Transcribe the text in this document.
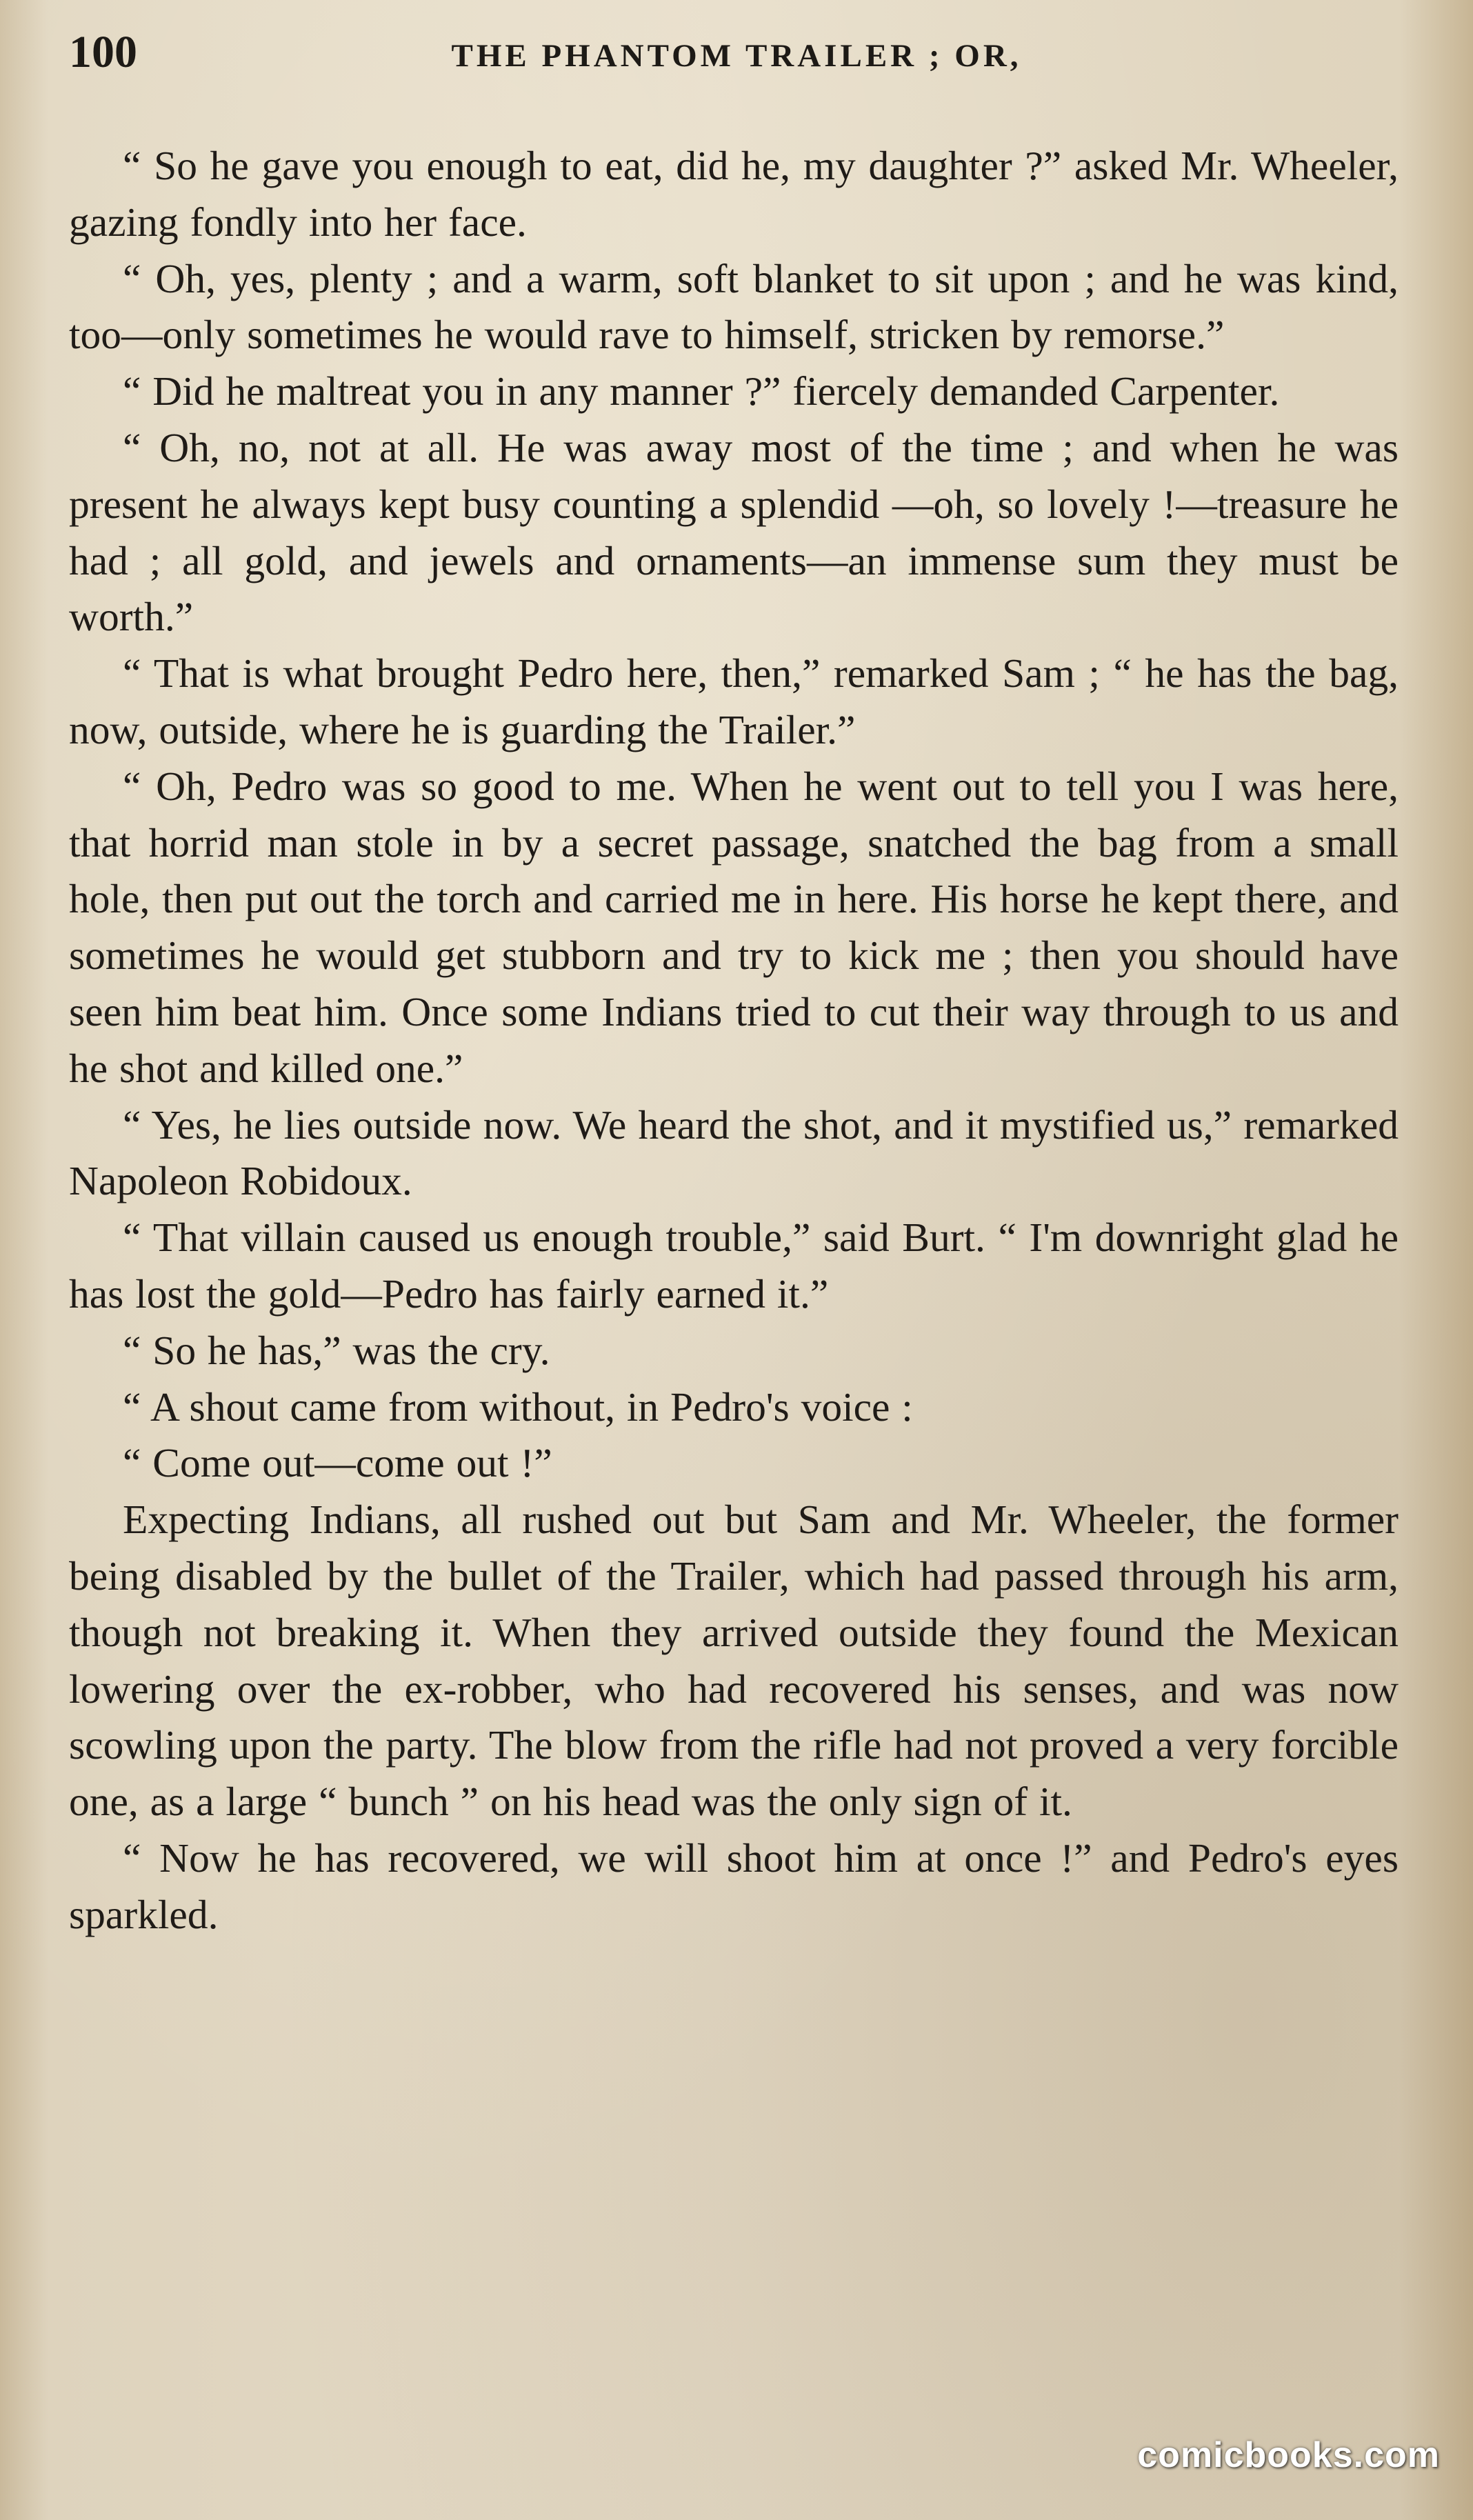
100	THE PHANTOM TRAILER ; OR,

“ So he gave you enough to eat, did he, my daughter ?” asked Mr. Wheeler, gazing fondly into her face.

“ Oh, yes, plenty ; and a warm, soft blanket to sit upon ; and he was kind, too—only sometimes he would rave to himself, stricken by remorse.”

“ Did he maltreat you in any manner ?” fiercely demanded Carpenter.

“ Oh, no, not at all. He was away most of the time ; and when he was present he always kept busy counting a splendid —oh, so lovely !—treasure he had ; all gold, and jewels and ornaments—an immense sum they must be worth.”

“ That is what brought Pedro here, then,” remarked Sam ; “ he has the bag, now, outside, where he is guarding the Trailer.”

“ Oh, Pedro was so good to me. When he went out to tell you I was here, that horrid man stole in by a secret passage, snatched the bag from a small hole, then put out the torch and carried me in here. His horse he kept there, and sometimes he would get stubborn and try to kick me ; then you should have seen him beat him. Once some Indians tried to cut their way through to us and he shot and killed one.”

“ Yes, he lies outside now. We heard the shot, and it mystified us,” remarked Napoleon Robidoux.

“ That villain caused us enough trouble,” said Burt. “ I'm downright glad he has lost the gold—Pedro has fairly earned it.”

“ So he has,” was the cry.

“ A shout came from without, in Pedro's voice :

“ Come out—come out !”

Expecting Indians, all rushed out but Sam and Mr. Wheeler, the former being disabled by the bullet of the Trailer, which had passed through his arm, though not breaking it. When they arrived outside they found the Mexican lowering over the ex-robber, who had recovered his senses, and was now scowling upon the party. The blow from the rifle had not proved a very forcible one, as a large “ bunch ” on his head was the only sign of it.

“ Now he has recovered, we will shoot him at once !” and Pedro's eyes sparkled.

comicbooks.com
